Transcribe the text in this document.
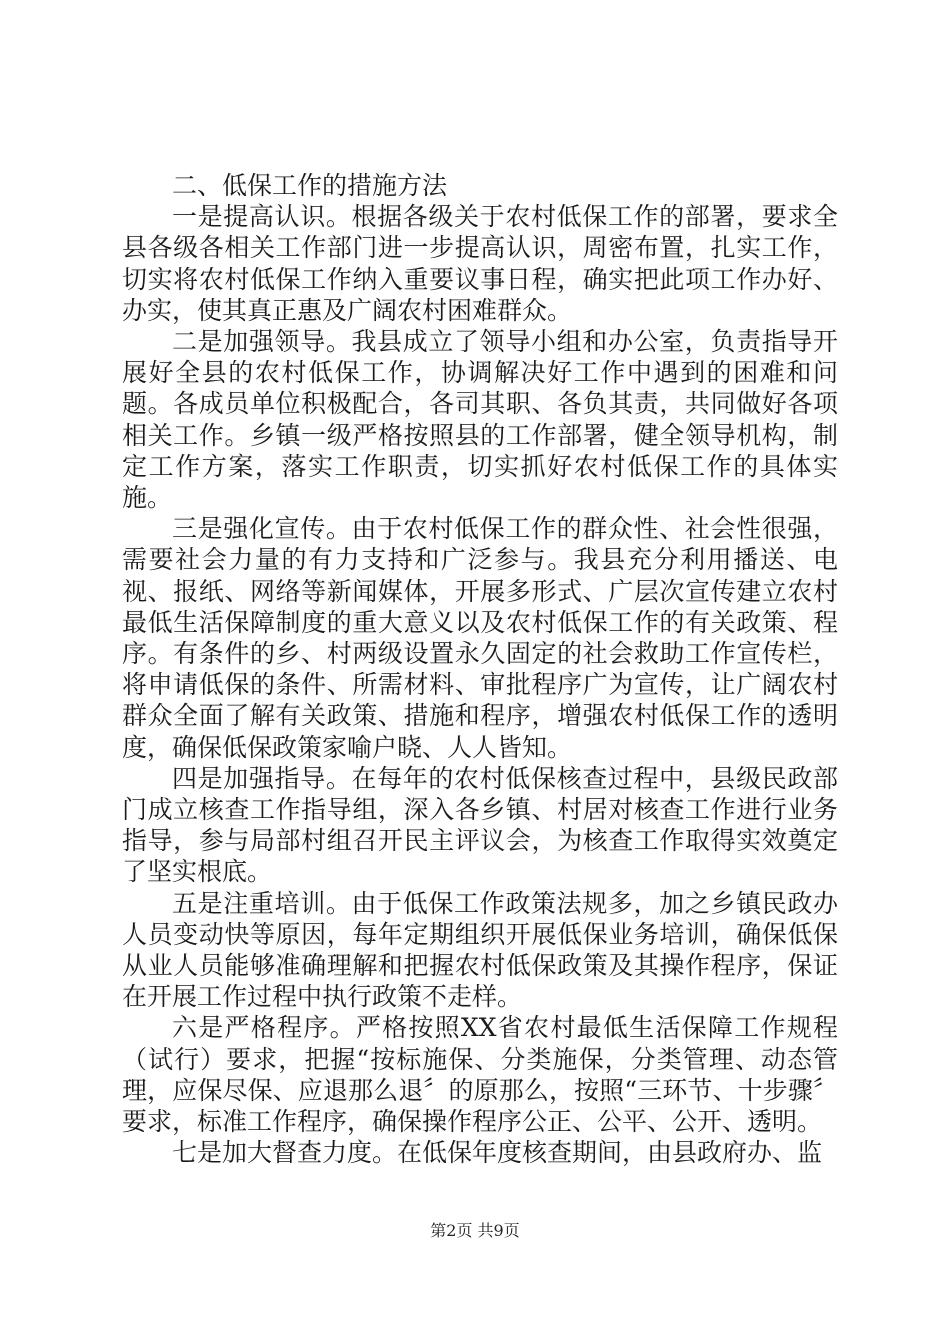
二、低保工作的措施方法

一是提高认识。根据各级关于农村低保工作的部署，要求全县各级各相关工作部门进一步提高认识，周密布置，扎实工作，切实将农村低保工作纳入重要议事日程，确实把此项工作办好、办实，使其真正惠及广阔农村困难群众。

二是加强领导。我县成立了领导小组和办公室，负责指导开展好全县的农村低保工作，协调解决好工作中遇到的困难和问题。各成员单位积极配合，各司其职、各负其责，共同做好各项相关工作。乡镇一级严格按照县的工作部署，健全领导机构，制定工作方案，落实工作职责，切实抓好农村低保工作的具体实施。

三是强化宣传。由于农村低保工作的群众性、社会性很强，需要社会力量的有力支持和广泛参与。我县充分利用播送、电视、报纸、网络等新闻媒体，开展多形式、广层次宣传建立农村最低生活保障制度的重大意义以及农村低保工作的有关政策、程序。有条件的乡、村两级设置永久固定的社会救助工作宣传栏，将申请低保的条件、所需材料、审批程序广为宣传，让广阔农村群众全面了解有关政策、措施和程序，增强农村低保工作的透明度，确保低保政策家喻户晓、人人皆知。

四是加强指导。在每年的农村低保核查过程中，县级民政部门成立核查工作指导组，深入各乡镇、村居对核查工作进行业务指导，参与局部村组召开民主评议会，为核查工作取得实效奠定了坚实根底。

五是注重培训。由于低保工作政策法规多，加之乡镇民政办人员变动快等原因，每年定期组织开展低保业务培训，确保低保从业人员能够准确理解和把握农村低保政策及其操作程序，保证在开展工作过程中执行政策不走样。

六是严格程序。严格按照XX省农村最低生活保障工作规程（试行）要求，把握“按标施保、分类施保，分类管理、动态管理，应保尽保、应退那么退〞的原那么，按照“三环节、十步骤〞要求，标准工作程序，确保操作程序公正、公平、公开、透明。

七是加大督查力度。在低保年度核查期间，由县政府办、监

第2页 共9页
